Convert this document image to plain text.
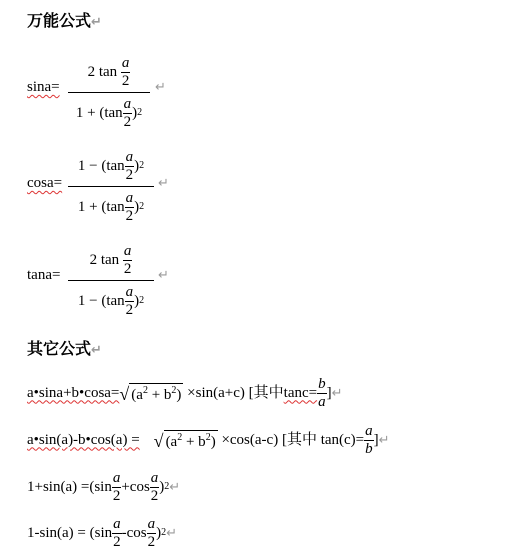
万能公式↵
sina=
2
tan
$\frac{a}{2}$
$1 + (\tan \frac{a}{2}$ ) 2
↵
cosa=
$1 - (\tan \frac{a}{2}$ ) 2
$1 + (\tan \frac{a}{2}$ ) 2
↵
tana=
2
tan
$\frac{a}{2}$
$1 - (\tan \frac{a}{2}$ ) 2
↵
其它公式↵
a•sina+b•cosa= √ $(a^2 + b^2)$
×sin(a+c) [其中 $\tan c= \frac{b}{a}$ ] ↵
a•sin(a)-b•cos(a) = √ $(a^2 + b^2)$
×cos(a-c) [其中 $\tan(c)= \frac{a}{b}$ ] ↵
$1+\sin(a) =(\sin \frac{a}{2} +\cos \frac{a}{2}$ ) 2 ↵
$1-\sin(a) = (\sin \frac{a}{2} -\cos \frac{a}{2}$ ) 2 ↵
